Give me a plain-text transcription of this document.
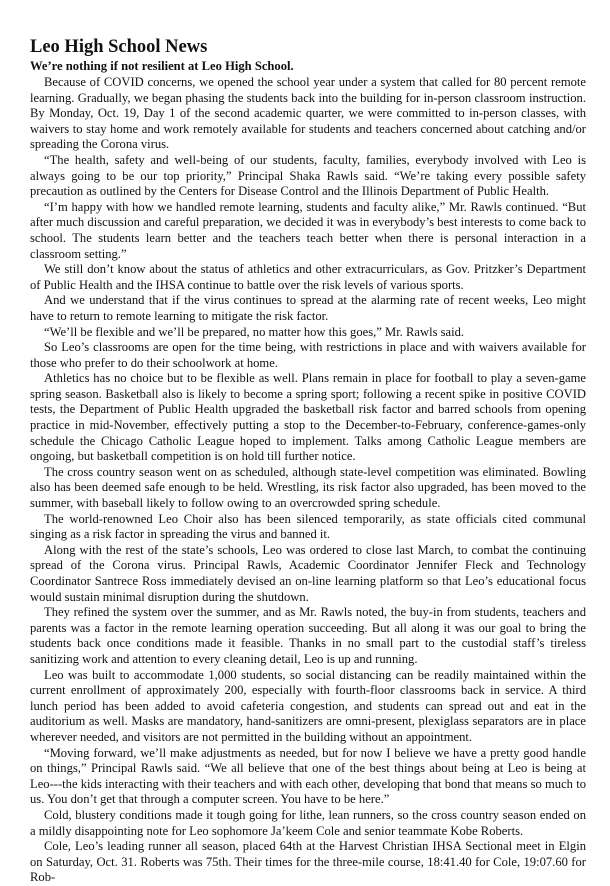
Leo High School News

We’re nothing if not resilient at Leo High School.

Because of COVID concerns, we opened the school year under a system that called for 80 percent remote learning. Gradually, we began phasing the students back into the building for in-person classroom instruction. By Monday, Oct. 19, Day 1 of the second academic quarter, we were committed to in-person classes, with waivers to stay home and work remotely available for students and teachers concerned about catching and/or spreading the Corona virus.

“The health, safety and well-being of our students, faculty, families, everybody involved with Leo is always going to be our top priority,” Principal Shaka Rawls said. “We’re taking every possible safety precaution as outlined by the Centers for Disease Control and the Illinois Department of Public Health.

“I’m happy with how we handled remote learning, students and faculty alike,” Mr. Rawls continued. “But after much discussion and careful preparation, we decided it was in everybody’s best interests to come back to school. The students learn better and the teachers teach better when there is personal interaction in a classroom setting.”

We still don’t know about the status of athletics and other extracurriculars, as Gov. Pritzker’s Department of Public Health and the IHSA continue to battle over the risk levels of various sports.

And we understand that if the virus continues to spread at the alarming rate of recent weeks, Leo might have to return to remote learning to mitigate the risk factor.

“We’ll be flexible and we’ll be prepared, no matter how this goes,” Mr. Rawls said.

So Leo’s classrooms are open for the time being, with restrictions in place and with waivers available for those who prefer to do their schoolwork at home.

Athletics has no choice but to be flexible as well. Plans remain in place for football to play a seven-game spring season. Basketball also is likely to become a spring sport; following a recent spike in positive COVID tests, the Department of Public Health upgraded the basketball risk factor and barred schools from opening practice in mid-November, effectively putting a stop to the December-to-February, conference-games-only schedule the Chicago Catholic League hoped to implement. Talks among Catholic League members are ongoing, but basketball competition is on hold till further notice.

The cross country season went on as scheduled, although state-level competition was eliminated. Bowling also has been deemed safe enough to be held. Wrestling, its risk factor also upgraded, has been moved to the summer, with baseball likely to follow owing to an overcrowded spring schedule.

The world-renowned Leo Choir also has been silenced temporarily, as state officials cited communal singing as a risk factor in spreading the virus and banned it.

Along with the rest of the state’s schools, Leo was ordered to close last March, to combat the continuing spread of the Corona virus. Principal Rawls, Academic Coordinator Jennifer Fleck and Technology Coordinator Santrece Ross immediately devised an on-line learning platform so that Leo’s educational focus would sustain minimal disruption during the shutdown.

They refined the system over the summer, and as Mr. Rawls noted, the buy-in from students, teachers and parents was a factor in the remote learning operation succeeding. But all along it was our goal to bring the students back once conditions made it feasible. Thanks in no small part to the custodial staff’s tireless sanitizing work and attention to every cleaning detail, Leo is up and running.

Leo was built to accommodate 1,000 students, so social distancing can be readily maintained within the current enrollment of approximately 200, especially with fourth-floor classrooms back in service. A third lunch period has been added to avoid cafeteria congestion, and students can spread out and eat in the auditorium as well. Masks are mandatory, hand-sanitizers are omni-present, plexiglass separators are in place wherever needed, and visitors are not permitted in the building without an appointment.

“Moving forward, we’ll make adjustments as needed, but for now I believe we have a pretty good handle on things,” Principal Rawls said. “We all believe that one of the best things about being at Leo is being at Leo---the kids interacting with their teachers and with each other, developing that bond that means so much to us. You don’t get that through a computer screen. You have to be here.”

Cold, blustery conditions made it tough going for lithe, lean runners, so the cross country season ended on a mildly disappointing note for Leo sophomore Ja’keem Cole and senior teammate Kobe Roberts.

Cole, Leo’s leading runner all season, placed 64th at the Harvest Christian IHSA Sectional meet in Elgin on Saturday, Oct. 31. Roberts was 75th. Their times for the three-mile course, 18:41.40 for Cole, 19:07.60 for Rob-
